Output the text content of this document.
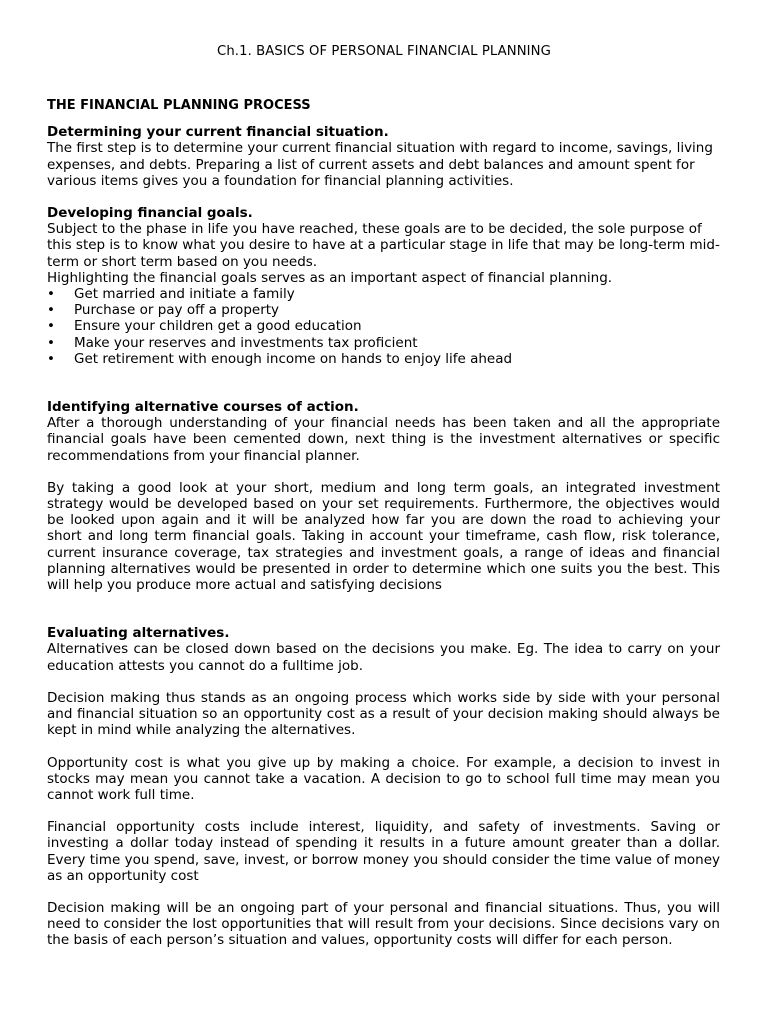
Ch.1. BASICS OF PERSONAL FINANCIAL PLANNING
THE FINANCIAL PLANNING PROCESS
Determining your current financial situation.

The first step is to determine your current financial situation with regard to income, savings, living expenses, and debts. Preparing a list of current assets and debt balances and amount spent for various items gives you a foundation for financial planning activities.

Developing financial goals.

Subject to the phase in life you have reached, these goals are to be decided, the sole purpose of this step is to know what you desire to have at a particular stage in life that may be long-term mid-term or short term based on you needs.

Highlighting the financial goals serves as an important aspect of financial planning.

• Get married and initiate a family
• Purchase or pay off a property
• Ensure your children get a good education
• Make your reserves and investments tax proficient
• Get retirement with enough income on hands to enjoy life ahead
Identifying alternative courses of action.

After a thorough understanding of your financial needs has been taken and all the appropriate financial goals have been cemented down, next thing is the investment alternatives or specific recommendations from your financial planner.

By taking a good look at your short, medium and long term goals, an integrated investment strategy would be developed based on your set requirements. Furthermore, the objectives would be looked upon again and it will be analyzed how far you are down the road to achieving your short and long term financial goals. Taking in account your timeframe, cash flow, risk tolerance, current insurance coverage, tax strategies and investment goals, a range of ideas and financial planning alternatives would be presented in order to determine which one suits you the best. This will help you produce more actual and satisfying decisions

Evaluating alternatives.

Alternatives can be closed down based on the decisions you make. Eg. The idea to carry on your education attests you cannot do a fulltime job.

Decision making thus stands as an ongoing process which works side by side with your personal and financial situation so an opportunity cost as a result of your decision making should always be kept in mind while analyzing the alternatives.

Opportunity cost is what you give up by making a choice. For example, a decision to invest in stocks may mean you cannot take a vacation. A decision to go to school full time may mean you cannot work full time.

Financial opportunity costs include interest, liquidity, and safety of investments. Saving or investing a dollar today instead of spending it results in a future amount greater than a dollar. Every time you spend, save, invest, or borrow money you should consider the time value of money as an opportunity cost

Decision making will be an ongoing part of your personal and financial situations. Thus, you will need to consider the lost opportunities that will result from your decisions. Since decisions vary on the basis of each person’s situation and values, opportunity costs will differ for each person.
